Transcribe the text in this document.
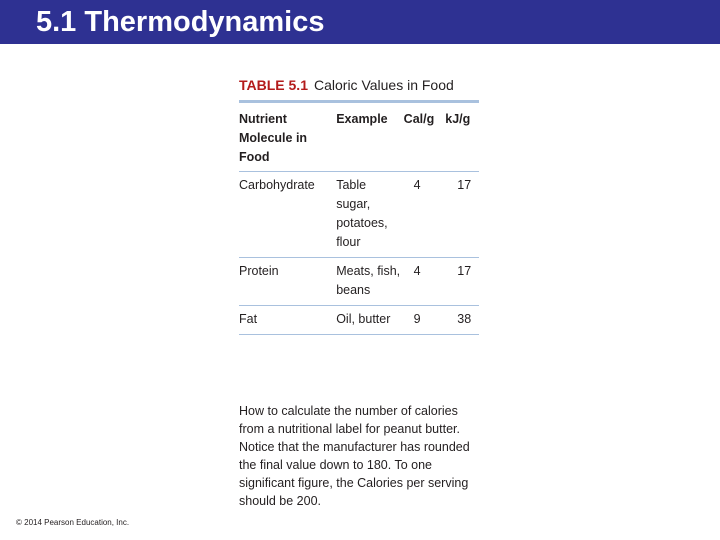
5.1 Thermodynamics
TABLE 5.1 Caloric Values in Food
Nutrient Molecule in Food	Example	Cal/g	kJ/g
Carbohydrate	Table sugar, potatoes, flour	4	17
Protein	Meats, fish, beans	4	17
Fat	Oil, butter	9	38
How to calculate the number of calories from a nutritional label for peanut butter. Notice that the manufacturer has rounded the final value down to 180. To one significant figure, the Calories per serving should be 200.
© 2014 Pearson Education, Inc.
